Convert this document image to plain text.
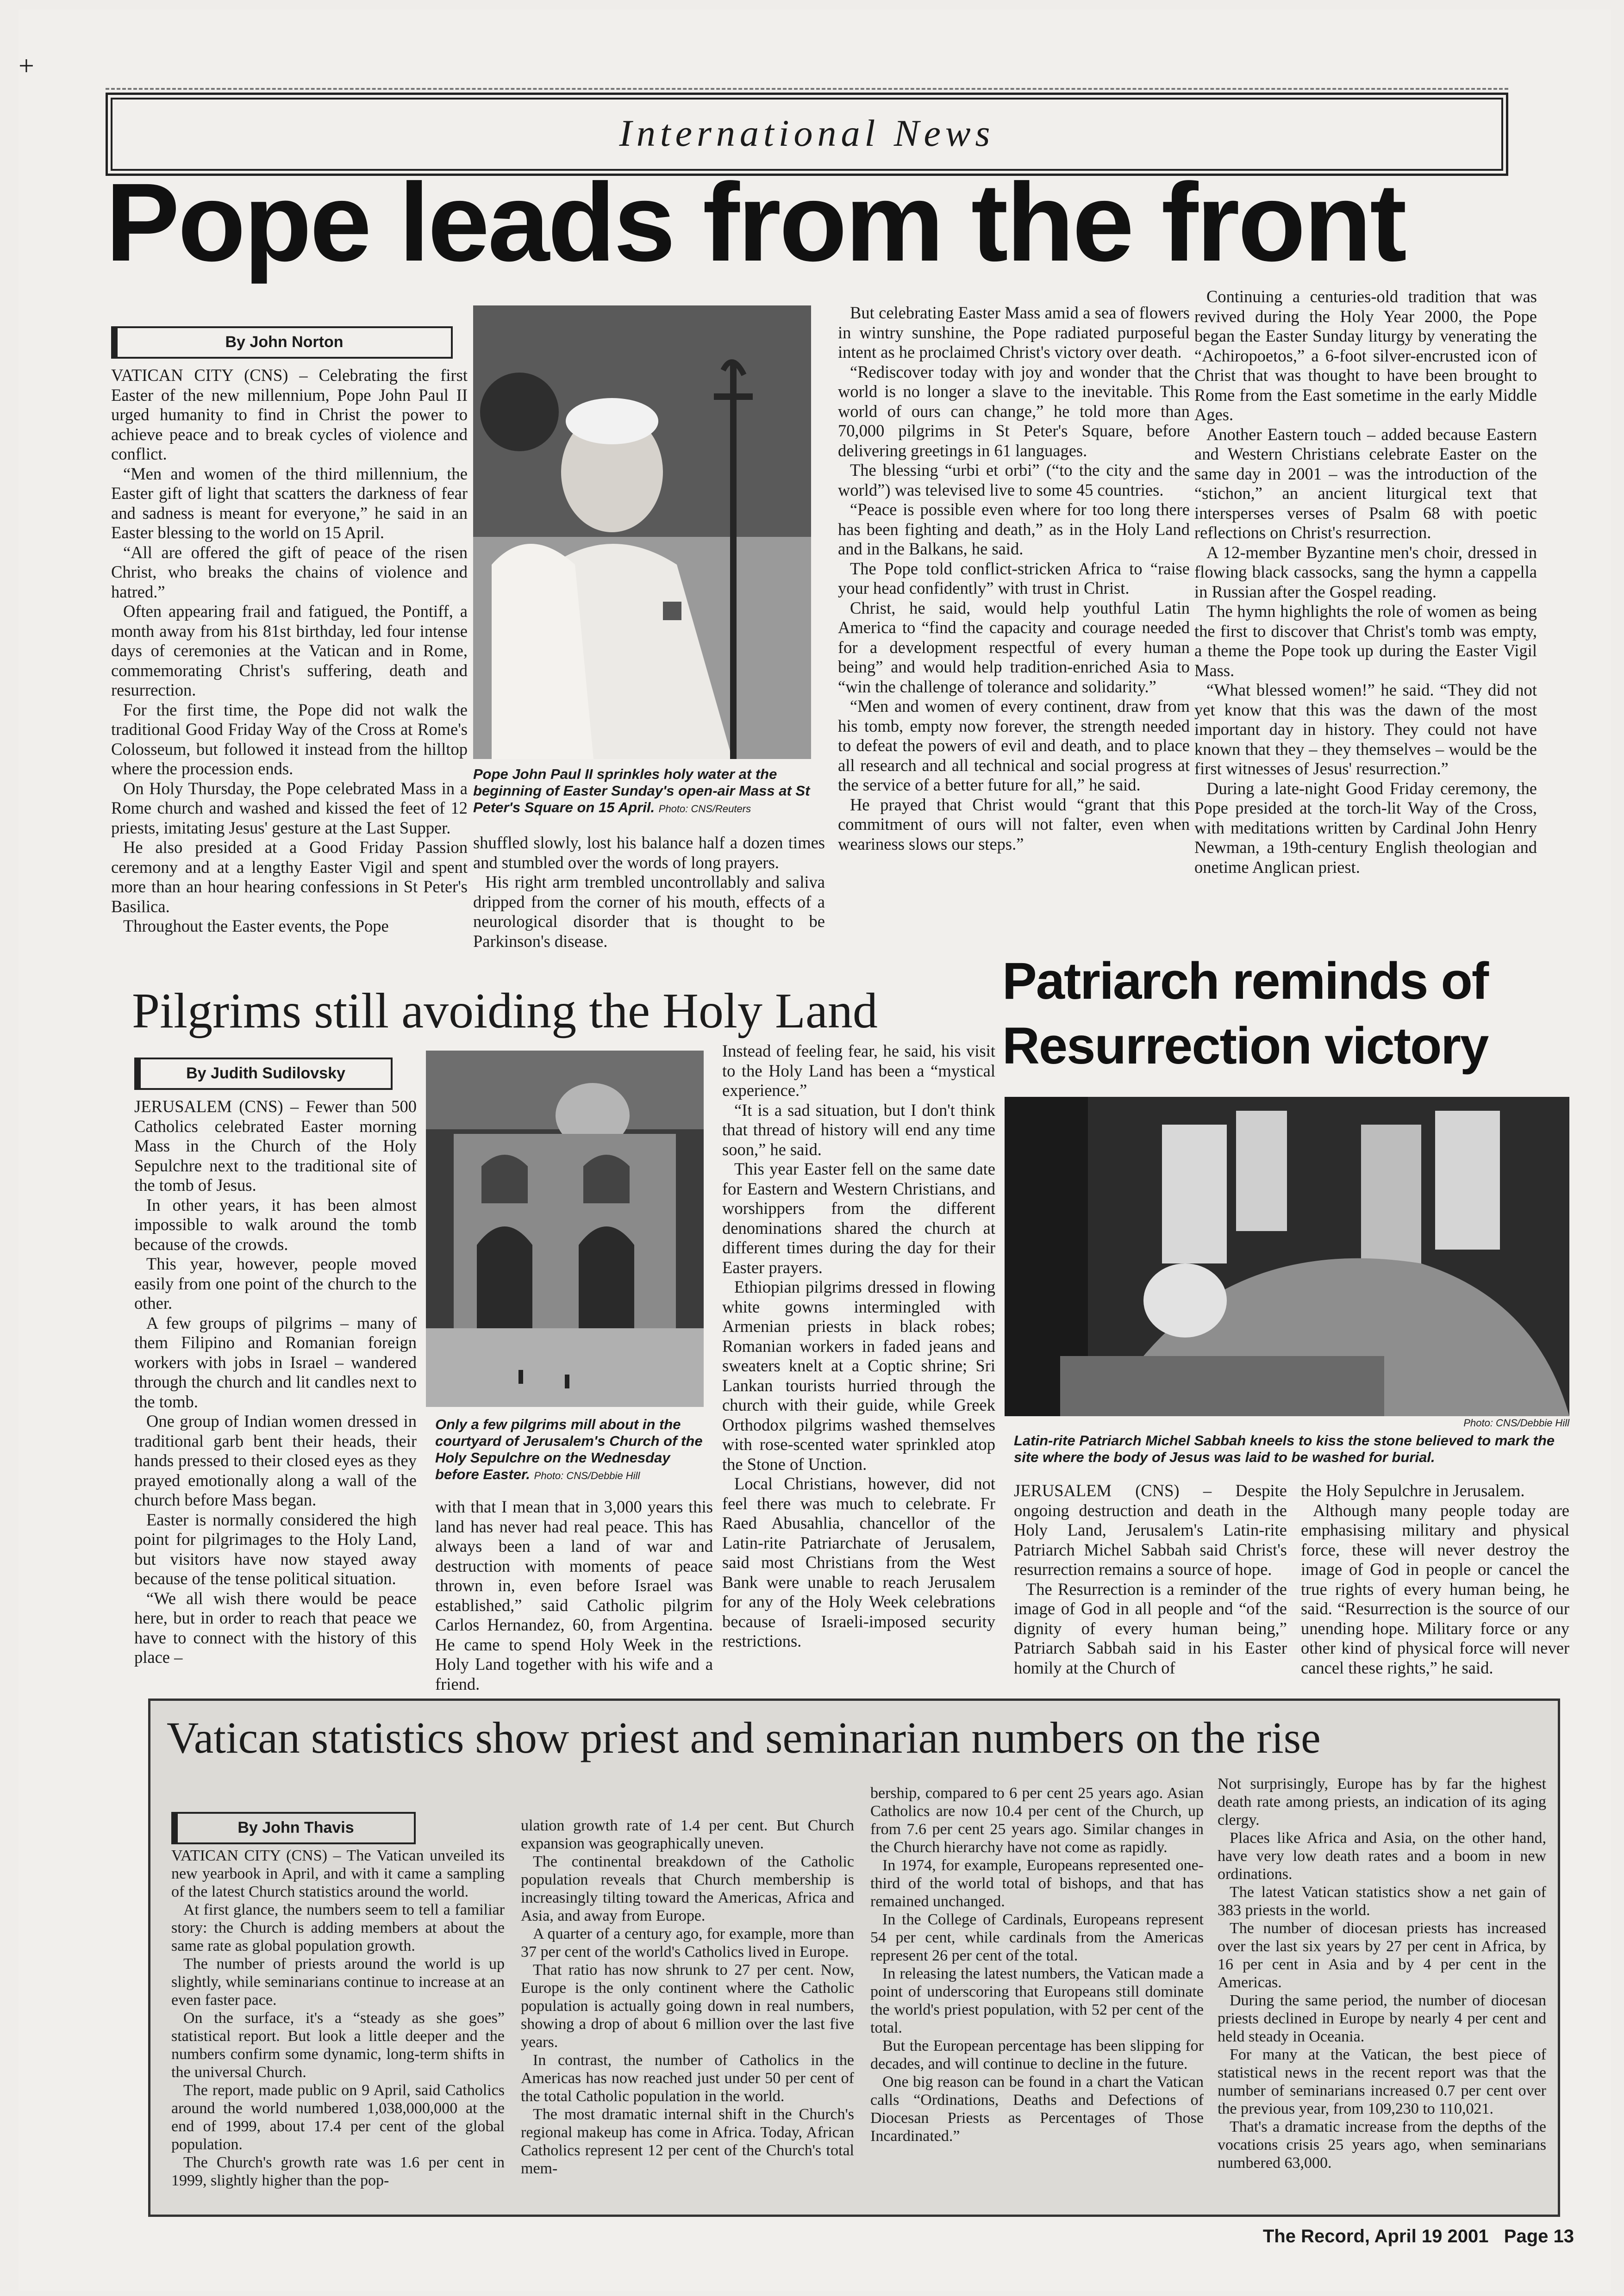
+
International News
Pope leads from the front
By John Norton

VATICAN CITY (CNS) – Celebrating the first Easter of the new millennium, Pope John Paul II urged humanity to find in Christ the power to achieve peace and to break cycles of violence and conflict.

“Men and women of the third millennium, the Easter gift of light that scatters the darkness of fear and sadness is meant for everyone,” he said in an Easter blessing to the world on 15 April.

“All are offered the gift of peace of the risen Christ, who breaks the chains of violence and hatred.”

Often appearing frail and fatigued, the Pontiff, a month away from his 81st birthday, led four intense days of ceremonies at the Vatican and in Rome, commemorating Christ's suffering, death and resurrection.

For the first time, the Pope did not walk the traditional Good Friday Way of the Cross at Rome's Colosseum, but followed it instead from the hilltop where the procession ends.

On Holy Thursday, the Pope celebrated Mass in a Rome church and washed and kissed the feet of 12 priests, imitating Jesus' gesture at the Last Supper.

He also presided at a Good Friday Passion ceremony and at a lengthy Easter Vigil and spent more than an hour hearing confessions in St Peter's Basilica.

Throughout the Easter events, the Pope

Pope John Paul II sprinkles holy water at the beginning of Easter Sunday's open-air Mass at St Peter's Square on 15 April. Photo: CNS/Reuters

shuffled slowly, lost his balance half a dozen times and stumbled over the words of long prayers.

His right arm trembled uncontrollably and saliva dripped from the corner of his mouth, effects of a neurological disorder that is thought to be Parkinson's disease.

But celebrating Easter Mass amid a sea of flowers in wintry sunshine, the Pope radiated purposeful intent as he proclaimed Christ's victory over death.

“Rediscover today with joy and wonder that the world is no longer a slave to the inevitable. This world of ours can change,” he told more than 70,000 pilgrims in St Peter's Square, before delivering greetings in 61 languages.

The blessing “urbi et orbi” (“to the city and the world”) was televised live to some 45 countries.

“Peace is possible even where for too long there has been fighting and death,” as in the Holy Land and in the Balkans, he said.

The Pope told conflict-stricken Africa to “raise your head confidently” with trust in Christ.

Christ, he said, would help youthful Latin America to “find the capacity and courage needed for a development respectful of every human being” and would help tradition-enriched Asia to “win the challenge of tolerance and solidarity.”

“Men and women of every continent, draw from his tomb, empty now forever, the strength needed to defeat the powers of evil and death, and to place all research and all technical and social progress at the service of a better future for all,” he said.

He prayed that Christ would “grant that this commitment of ours will not falter, even when weariness slows our steps.”

Continuing a centuries-old tradition that was revived during the Holy Year 2000, the Pope began the Easter Sunday liturgy by venerating the “Achiropoetos,” a 6-foot silver-encrusted icon of Christ that was thought to have been brought to Rome from the East sometime in the early Middle Ages.

Another Eastern touch – added because Eastern and Western Christians celebrate Easter on the same day in 2001 – was the introduction of the “stichon,” an ancient liturgical text that intersperses verses of Psalm 68 with poetic reflections on Christ's resurrection.

A 12-member Byzantine men's choir, dressed in flowing black cassocks, sang the hymn a cappella in Russian after the Gospel reading.

The hymn highlights the role of women as being the first to discover that Christ's tomb was empty, a theme the Pope took up during the Easter Vigil Mass.

“What blessed women!” he said. “They did not yet know that this was the dawn of the most important day in history. They could not have known that they – they themselves – would be the first witnesses of Jesus' resurrection.”

During a late-night Good Friday ceremony, the Pope presided at the torch-lit Way of the Cross, with meditations written by Cardinal John Henry Newman, a 19th-century English theologian and onetime Anglican priest.

Pilgrims still avoiding the Holy Land
By Judith Sudilovsky

JERUSALEM (CNS) – Fewer than 500 Catholics celebrated Easter morning Mass in the Church of the Holy Sepulchre next to the traditional site of the tomb of Jesus.

In other years, it has been almost impossible to walk around the tomb because of the crowds.

This year, however, people moved easily from one point of the church to the other.

A few groups of pilgrims – many of them Filipino and Romanian foreign workers with jobs in Israel – wandered through the church and lit candles next to the tomb.

One group of Indian women dressed in traditional garb bent their heads, their hands pressed to their closed eyes as they prayed emotionally along a wall of the church before Mass began.

Easter is normally considered the high point for pilgrimages to the Holy Land, but visitors have now stayed away because of the tense political situation.

“We all wish there would be peace here, but in order to reach that peace we have to connect with the history of this place –

Only a few pilgrims mill about in the courtyard of Jerusalem's Church of the Holy Sepulchre on the Wednesday before Easter. Photo: CNS/Debbie Hill

with that I mean that in 3,000 years this land has never had real peace. This has always been a land of war and destruction with moments of peace thrown in, even before Israel was established,” said Catholic pilgrim Carlos Hernandez, 60, from Argentina. He came to spend Holy Week in the Holy Land together with his wife and a friend.

Instead of feeling fear, he said, his visit to the Holy Land has been a “mystical experience.”

“It is a sad situation, but I don't think that thread of history will end any time soon,” he said.

This year Easter fell on the same date for Eastern and Western Christians, and worshippers from the different denominations shared the church at different times during the day for their Easter prayers.

Ethiopian pilgrims dressed in flowing white gowns intermingled with Armenian priests in black robes; Romanian workers in faded jeans and sweaters knelt at a Coptic shrine; Sri Lankan tourists hurried through the church with their guide, while Greek Orthodox pilgrims washed themselves with rose-scented water sprinkled atop the Stone of Unction.

Local Christians, however, did not feel there was much to celebrate. Fr Raed Abusahlia, chancellor of the Latin-rite Patriarchate of Jerusalem, said most Christians from the West Bank were unable to reach Jerusalem for any of the Holy Week celebrations because of Israeli-imposed security restrictions.

Patriarch reminds of
Resurrection victory
Photo: CNS/Debbie Hill
Latin-rite Patriarch Michel Sabbah kneels to kiss the stone believed to mark the site where the body of Jesus was laid to be washed for burial.

JERUSALEM (CNS) – Despite ongoing destruction and death in the Holy Land, Jerusalem's Latin-rite Patriarch Michel Sabbah said Christ's resurrection remains a source of hope.

The Resurrection is a reminder of the image of God in all people and “of the dignity of every human being,” Patriarch Sabbah said in his Easter homily at the Church of

the Holy Sepulchre in Jerusalem.

Although many people today are emphasising military and physical force, these will never destroy the image of God in people or cancel the true rights of every human being, he said. “Resurrection is the source of our unending hope. Military force or any other kind of physical force will never cancel these rights,” he said.

Vatican statistics show priest and seminarian numbers on the rise
By John Thavis

VATICAN CITY (CNS) – The Vatican unveiled its new yearbook in April, and with it came a sampling of the latest Church statistics around the world.

At first glance, the numbers seem to tell a familiar story: the Church is adding members at about the same rate as global population growth.

The number of priests around the world is up slightly, while seminarians continue to increase at an even faster pace.

On the surface, it's a “steady as she goes” statistical report. But look a little deeper and the numbers confirm some dynamic, long-term shifts in the universal Church.

The report, made public on 9 April, said Catholics around the world numbered 1,038,000,000 at the end of 1999, about 17.4 per cent of the global population.

The Church's growth rate was 1.6 per cent in 1999, slightly higher than the pop-

ulation growth rate of 1.4 per cent. But Church expansion was geographically uneven.

The continental breakdown of the Catholic population reveals that Church membership is increasingly tilting toward the Americas, Africa and Asia, and away from Europe.

A quarter of a century ago, for example, more than 37 per cent of the world's Catholics lived in Europe.

That ratio has now shrunk to 27 per cent. Now, Europe is the only continent where the Catholic population is actually going down in real numbers, showing a drop of about 6 million over the last five years.

In contrast, the number of Catholics in the Americas has now reached just under 50 per cent of the total Catholic population in the world.

The most dramatic internal shift in the Church's regional makeup has come in Africa. Today, African Catholics represent 12 per cent of the Church's total mem-

bership, compared to 6 per cent 25 years ago. Asian Catholics are now 10.4 per cent of the Church, up from 7.6 per cent 25 years ago. Similar changes in the Church hierarchy have not come as rapidly.

In 1974, for example, Europeans represented one-third of the world total of bishops, and that has remained unchanged.

In the College of Cardinals, Europeans represent 54 per cent, while cardinals from the Americas represent 26 per cent of the total.

In releasing the latest numbers, the Vatican made a point of underscoring that Europeans still dominate the world's priest population, with 52 per cent of the total.

But the European percentage has been slipping for decades, and will continue to decline in the future.

One big reason can be found in a chart the Vatican calls “Ordinations, Deaths and Defections of Diocesan Priests as Percentages of Those Incardinated.”

Not surprisingly, Europe has by far the highest death rate among priests, an indication of its aging clergy.

Places like Africa and Asia, on the other hand, have very low death rates and a boom in new ordinations.

The latest Vatican statistics show a net gain of 383 priests in the world.

The number of diocesan priests has increased over the last six years by 27 per cent in Africa, by 16 per cent in Asia and by 4 per cent in the Americas.

During the same period, the number of diocesan priests declined in Europe by nearly 4 per cent and held steady in Oceania.

For many at the Vatican, the best piece of statistical news in the recent report was that the number of seminarians increased 0.7 per cent over the previous year, from 109,230 to 110,021.

That's a dramatic increase from the depths of the vocations crisis 25 years ago, when seminarians numbered 63,000.

The Record, April 19 2001   Page 13
